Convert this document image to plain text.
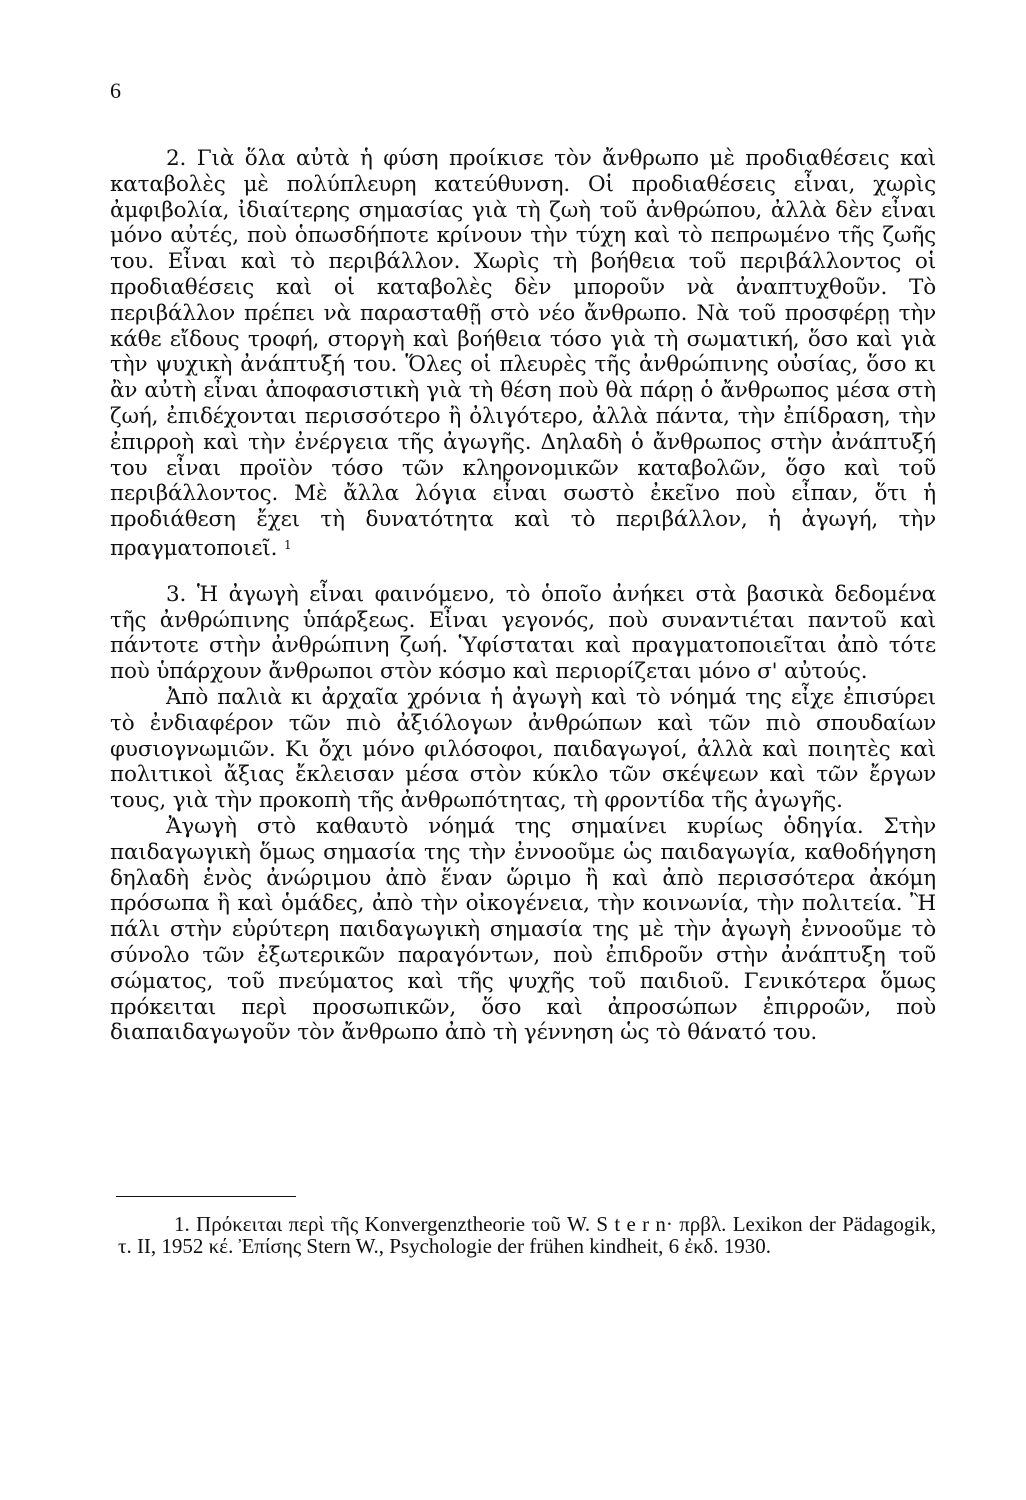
6

2. Γιὰ ὅλα αὐτὰ ἡ φύση προίκισε τὸν ἄνθρωπο μὲ προδιαθέσεις καὶ καταβολὲς μὲ πολύπλευρη κατεύθυνση. Οἱ προδιαθέσεις εἶναι, χωρὶς ἀμφιβολία, ἰδιαίτερης σημασίας γιὰ τὴ ζωὴ τοῦ ἀνθρώπου, ἀλλὰ δὲν εἶναι μόνο αὐτές, ποὺ ὁπωσδήποτε κρίνουν τὴν τύχη καὶ τὸ πεπρωμένο τῆς ζωῆς του. Εἶναι καὶ τὸ περιβάλλον. Χωρὶς τὴ βοήθεια τοῦ περιβάλλοντος οἱ προδιαθέσεις καὶ οἱ καταβολὲς δὲν μποροῦν νὰ ἀναπτυχθοῦν. Τὸ περιβάλλον πρέπει νὰ παρασταθῇ στὸ νέο ἄνθρωπο. Νὰ τοῦ προσφέρῃ τὴν κάθε εἴδους τροφή, στοργὴ καὶ βοήθεια τόσο γιὰ τὴ σωματική, ὅσο καὶ γιὰ τὴν ψυχικὴ ἀνάπτυξή του. Ὅλες οἱ πλευρὲς τῆς ἀνθρώπινης οὐσίας, ὅσο κι ἂν αὐτὴ εἶναι ἀποφασιστικὴ γιὰ τὴ θέση ποὺ θὰ πάρῃ ὁ ἄνθρωπος μέσα στὴ ζωή, ἐπιδέχονται περισσότερο ἢ ὀλιγότερο, ἀλλὰ πάντα, τὴν ἐπίδραση, τὴν ἐπιρροὴ καὶ τὴν ἐνέργεια τῆς ἀγωγῆς. Δηλαδὴ ὁ ἄνθρωπος στὴν ἀνάπτυξή του εἶναι προϊὸν τόσο τῶν κληρονομικῶν καταβολῶν, ὅσο καὶ τοῦ περιβάλλοντος. Μὲ ἄλλα λόγια εἶναι σωστὸ ἐκεῖνο ποὺ εἶπαν, ὅτι ἡ προδιάθεση ἔχει τὴ δυνατότητα καὶ τὸ περιβάλλον, ἡ ἀγωγή, τὴν πραγματοποιεῖ. $^1$

3. Ἡ ἀγωγὴ εἶναι φαινόμενο, τὸ ὁποῖο ἀνήκει στὰ βασικὰ δεδομένα τῆς ἀνθρώπινης ὑπάρξεως. Εἶναι γεγονός, ποὺ συναντιέται παντοῦ καὶ πάντοτε στὴν ἀνθρώπινη ζωή. Ὑφίσταται καὶ πραγματοποιεῖται ἀπὸ τότε ποὺ ὑπάρχουν ἄνθρωποι στὸν κόσμο καὶ περιορίζεται μόνο σ' αὐτούς.

Ἀπὸ παλιὰ κι ἀρχαῖα χρόνια ἡ ἀγωγὴ καὶ τὸ νόημά της εἶχε ἐπισύρει τὸ ἐνδιαφέρον τῶν πιὸ ἀξιόλογων ἀνθρώπων καὶ τῶν πιὸ σπουδαίων φυσιογνωμιῶν. Κι ὄχι μόνο φιλόσοφοι, παιδαγωγοί, ἀλλὰ καὶ ποιητὲς καὶ πολιτικοὶ ἄξιας ἔκλεισαν μέσα στὸν κύκλο τῶν σκέψεων καὶ τῶν ἔργων τους, γιὰ τὴν προκοπὴ τῆς ἀνθρωπότητας, τὴ φροντίδα τῆς ἀγωγῆς.

Ἀγωγὴ στὸ καθαυτὸ νόημά της σημαίνει κυρίως ὁδηγία. Στὴν παιδαγωγικὴ ὅμως σημασία της τὴν ἐννοοῦμε ὡς παιδαγωγία, καθοδήγηση δηλαδὴ ἑνὸς ἀνώριμου ἀπὸ ἕναν ὥριμο ἢ καὶ ἀπὸ περισσότερα ἀκόμη πρόσωπα ἢ καὶ ὁμάδες, ἀπὸ τὴν οἰκογένεια, τὴν κοινωνία, τὴν πολιτεία. Ἢ πάλι στὴν εὐρύτερη παιδαγωγικὴ σημασία της μὲ τὴν ἀγωγὴ ἐννοοῦμε τὸ σύνολο τῶν ἐξωτερικῶν παραγόντων, ποὺ ἐπιδροῦν στὴν ἀνάπτυξη τοῦ σώματος, τοῦ πνεύματος καὶ τῆς ψυχῆς τοῦ παιδιοῦ. Γενικότερα ὅμως πρόκειται περὶ προσωπικῶν, ὅσο καὶ ἀπροσώπων ἐπιρροῶν, ποὺ διαπαιδαγωγοῦν τὸν ἄνθρωπο ἀπὸ τὴ γέννηση ὡς τὸ θάνατό του.

1. Πρόκειται περὶ τῆς Konvergenztheorie τοῦ W. S t e r n· πρβλ. Lexikon der Pädagogik, τ. II, 1952 κέ. Ἐπίσης Stern W., Psychologie der frühen kindheit, 6 ἐκδ. 1930.
